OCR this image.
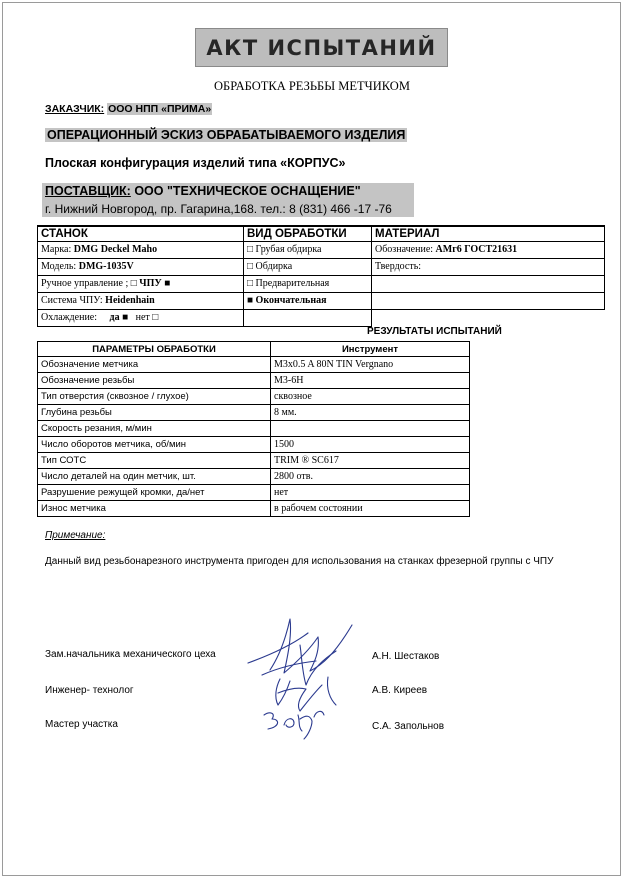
АКТ ИСПЫТАНИЙ
ОБРАБОТКА РЕЗЬБЫ МЕТЧИКОМ
ЗАКАЗЧИК: ООО НПП «ПРИМА»
ОПЕРАЦИОННЫЙ ЭСКИЗ ОБРАБАТЫВАЕМОГО ИЗДЕЛИЯ
Плоская конфигурация изделий типа «КОРПУС»
ПОСТАВЩИК: ООО "ТЕХНИЧЕСКОЕ ОСНАЩЕНИЕ"
г. Нижний Новгород, пр. Гагарина,168. тел.: 8 (831) 466 -17 -76
СТАНОК	ВИД ОБРАБОТКИ	МАТЕРИАЛ
Марка: DMG Deckel Maho	□ Грубая обдирка	Обозначение: АМг6 ГОСТ21631
Модель: DMG-1035V	□ Обдирка	Твердость:
Ручное управление ; □ ЧПУ ■	□ Предварительная	
Система ЧПУ: Heidenhain	■ Окончательная	
Охлаждение: да ■ нет □		
РЕЗУЛЬТАТЫ ИСПЫТАНИЙ
ПАРАМЕТРЫ ОБРАБОТКИ	Инструмент	
Обозначение метчика	M3x0.5 A 80N TIN Vergnano	
Обозначение резьбы	M3-6H	
Тип отверстия (сквозное / глухое)	сквозное	
Глубина резьбы	8 мм.	
Скорость резания, м/мин		
Число оборотов метчика, об/мин	1500	
Тип СОТС	TRIM ® SC617	
Число деталей на один метчик, шт.	2800 отв.	
Разрушение режущей кромки, да/нет	нет	
Износ метчика	в рабочем состоянии	
Примечание:
Данный вид резьбонарезного инструмента пригоден для использования на станках фрезерной группы с ЧПУ
Зам.начальника механического цеха	А.Н. Шестаков
Инженер- технолог	А.В. Киреев
Мастер участка	С.А. Запольнов
